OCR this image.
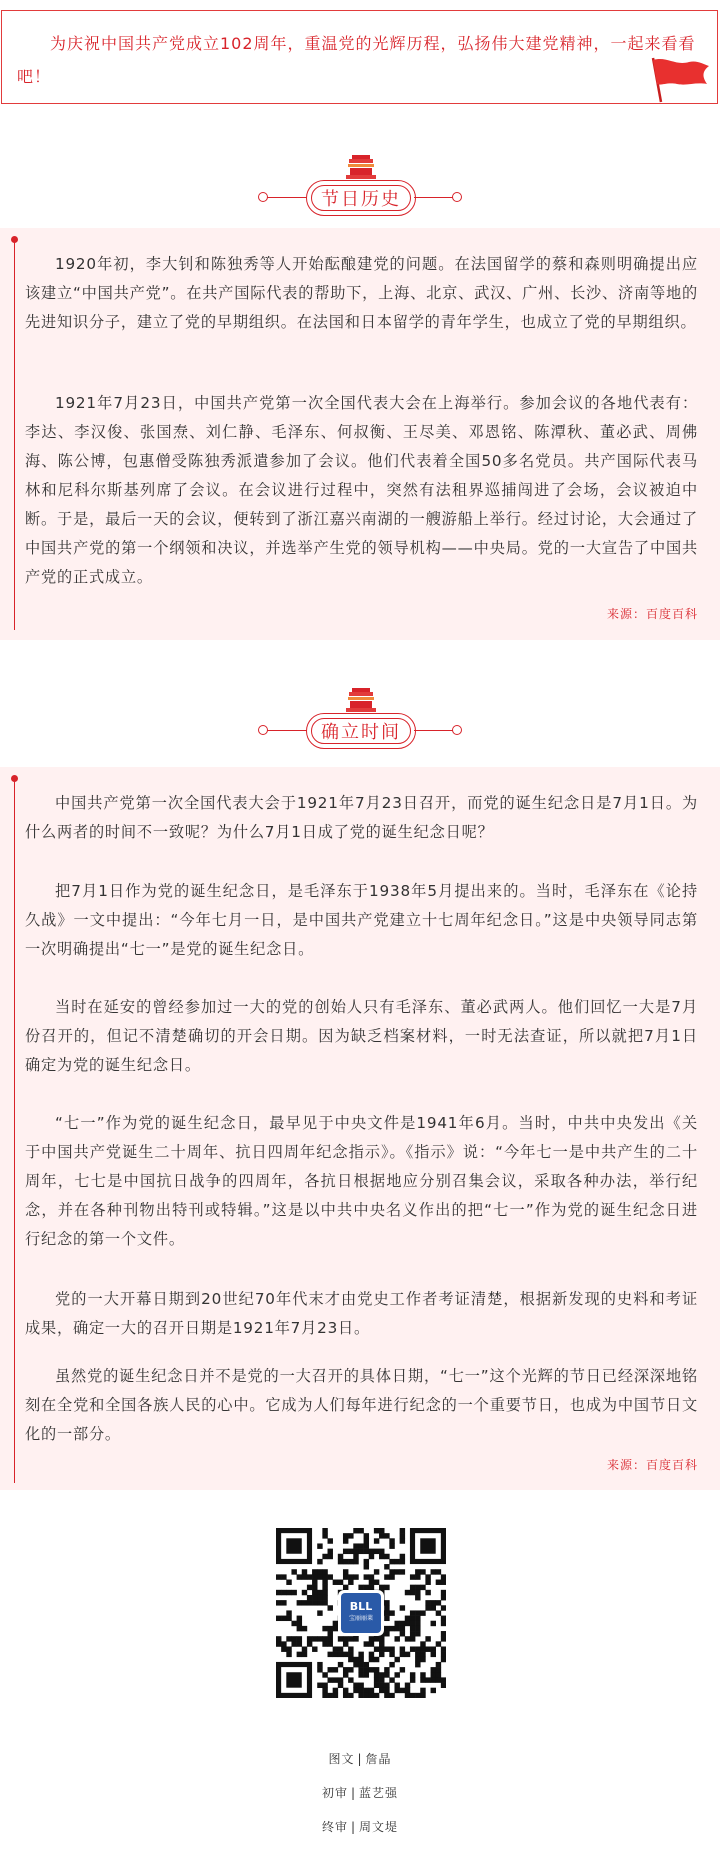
为庆祝中国共产党成立102周年，重温党的光辉历程，弘扬伟大建党精神，一起来看看吧！

节日历史
1920年初，李大钊和陈独秀等人开始酝酿建党的问题。在法国留学的蔡和森则明确提出应该建立“中国共产党”。在共产国际代表的帮助下，上海、北京、武汉、广州、长沙、济南等地的先进知识分子，建立了党的早期组织。在法国和日本留学的青年学生，也成立了党的早期组织。
1921年7月23日，中国共产党第一次全国代表大会在上海举行。参加会议的各地代表有：李达、李汉俊、张国焘、刘仁静、毛泽东、何叔衡、王尽美、邓恩铭、陈潭秋、董必武、周佛海、陈公博，包惠僧受陈独秀派遣参加了会议。他们代表着全国50多名党员。共产国际代表马林和尼科尔斯基列席了会议。在会议进行过程中，突然有法租界巡捕闯进了会场，会议被迫中断。于是，最后一天的会议，便转到了浙江嘉兴南湖的一艘游船上举行。经过讨论，大会通过了中国共产党的第一个纲领和决议，并选举产生党的领导机构——中央局。党的一大宣告了中国共产党的正式成立。
来源：百度百科
确立时间
中国共产党第一次全国代表大会于1921年7月23日召开，而党的诞生纪念日是7月1日。为什么两者的时间不一致呢？为什么7月1日成了党的诞生纪念日呢？
把7月1日作为党的诞生纪念日，是毛泽东于1938年5月提出来的。当时，毛泽东在《论持久战》一文中提出：“今年七月一日，是中国共产党建立十七周年纪念日。”这是中央领导同志第一次明确提出“七一”是党的诞生纪念日。
当时在延安的曾经参加过一大的党的创始人只有毛泽东、董必武两人。他们回忆一大是7月份召开的，但记不清楚确切的开会日期。因为缺乏档案材料，一时无法查证，所以就把7月1日确定为党的诞生纪念日。
“七一”作为党的诞生纪念日，最早见于中央文件是1941年6月。当时，中共中央发出《关于中国共产党诞生二十周年、抗日四周年纪念指示》。《指示》说：“今年七一是中共产生的二十周年，七七是中国抗日战争的四周年，各抗日根据地应分别召集会议，采取各种办法，举行纪念，并在各种刊物出特刊或特辑。”这是以中共中央名义作出的把“七一”作为党的诞生纪念日进行纪念的第一个文件。
党的一大开幕日期到20世纪70年代末才由党史工作者考证清楚，根据新发现的史料和考证成果，确定一大的召开日期是1921年7月23日。
虽然党的诞生纪念日并不是党的一大召开的具体日期，“七一”这个光辉的节日已经深深地铭刻在全党和全国各族人民的心中。它成为人们每年进行纪念的一个重要节日，也成为中国节日文化的一部分。
来源：百度百科
BLL
宝丽丽莱
图文 | 詹晶
初审 | 蓝艺强
终审 | 周文堤
